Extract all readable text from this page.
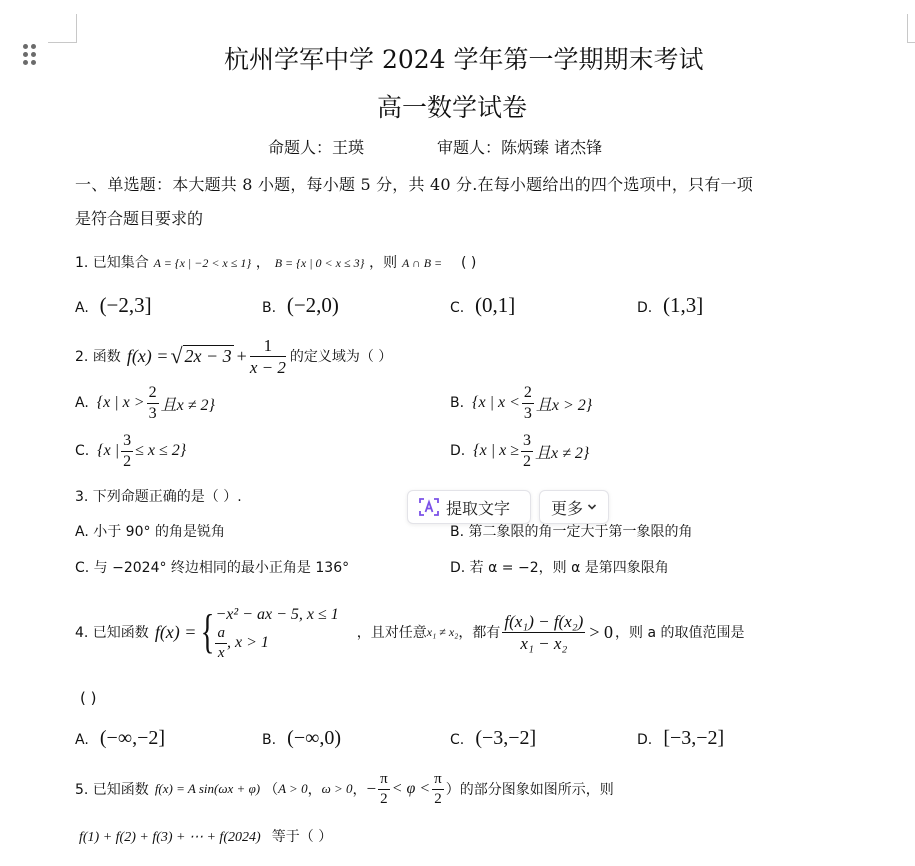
杭州学军中学 2024 学年第一学期期末考试
高一数学试卷
命题人：王瑛	审题人：陈炳臻 诸杰锋
一、单选题：本大题共 8 小题，每小题 5 分，共 40 分.在每小题给出的四个选项中，只有一项
是符合题目要求的
1. 已知集合 A = {x | −2 < x ≤ 1} ， B = {x | 0 < x ≤ 3} ，则 A ∩ B = ( )
A. (−2,3]	B. (−2,0)	C. (0,1]	D. (1,3]
2. 函数 f(x) = √ $2x - 3 + \frac{1}{x - 2}$ 的定义域为（ ）
A. {x | $x > \frac{2}{3}$ 且x ≠ 2}	B. {x | $x < \frac{2}{3}$ 且x > 2}
C. {x | $\frac{3}{2} \le x \le 2$}	D. {x | $x \ge \frac{3}{2}$ 且x ≠ 2}
3. 下列命题正确的是（ ）.
A. 小于 90° 的角是锐角	B. 第二象限的角一定大于第一象限的角
C. 与 −2024° 终边相同的最小正角是 136°	D. 若 α = −2，则 α 是第四象限角
提取文字	更多
4. 已知函数 f(x) = { −x² − ax − 5, x ≤ 1
$\frac{a}{x}$ , x > 1
，且对任意 x₁ ≠ x₂ ，都有 $\frac{\text{f(x₁) − f(x₂)}}{\text{x₁ − x₂}} > 0$ ，则 a 的取值范围是
( )
A. (−∞,−2]	B. (−∞,0)	C. (−3,−2]	D. [−3,−2]
5. 已知函数 f(x) = A sin(ωx + φ) （ A > 0 ， ω > 0 ， − $\frac{\pi}{2} < \varphi < \frac{\pi}{2}$ ） 的部分图象如图所示，则
f(1) + f(2) + f(3) + ⋯ + f(2024) 等于（ ）
